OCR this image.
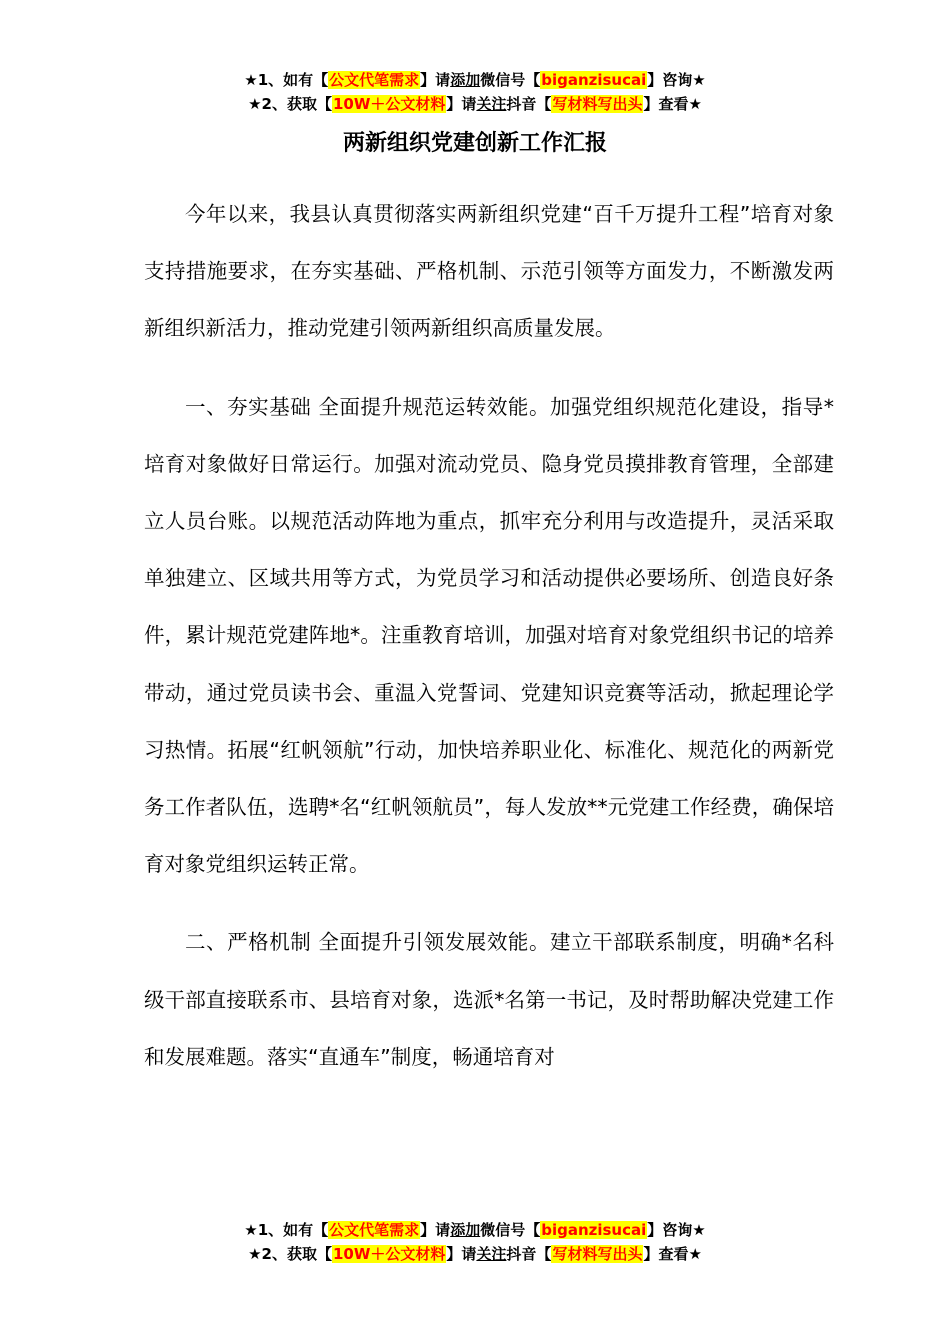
★1、如有【公文代笔需求】请添加微信号【biganzisucai】咨询★
★2、获取【10W＋公文材料】请关注抖音【写材料写出头】查看★
两新组织党建创新工作汇报

今年以来，我县认真贯彻落实两新组织党建“百千万提升工程”培育对象支持措施要求，在夯实基础、严格机制、示范引领等方面发力，不断激发两新组织新活力，推动党建引领两新组织高质量发展。

一、夯实基础 全面提升规范运转效能。加强党组织规范化建设，指导*培育对象做好日常运行。加强对流动党员、隐身党员摸排教育管理，全部建立人员台账。以规范活动阵地为重点，抓牢充分利用与改造提升，灵活采取单独建立、区域共用等方式，为党员学习和活动提供必要场所、创造良好条件，累计规范党建阵地*。注重教育培训，加强对培育对象党组织书记的培养带动，通过党员读书会、重温入党誓词、党建知识竞赛等活动，掀起理论学习热情。拓展“红帆领航”行动，加快培养职业化、标准化、规范化的两新党务工作者队伍，选聘*名“红帆领航员”，每人发放**元党建工作经费，确保培育对象党组织运转正常。

二、严格机制 全面提升引领发展效能。建立干部联系制度，明确*名科级干部直接联系市、县培育对象，选派*名第一书记，及时帮助解决党建工作和发展难题。落实“直通车”制度，畅通培育对

★1、如有【公文代笔需求】请添加微信号【biganzisucai】咨询★
★2、获取【10W＋公文材料】请关注抖音【写材料写出头】查看★
